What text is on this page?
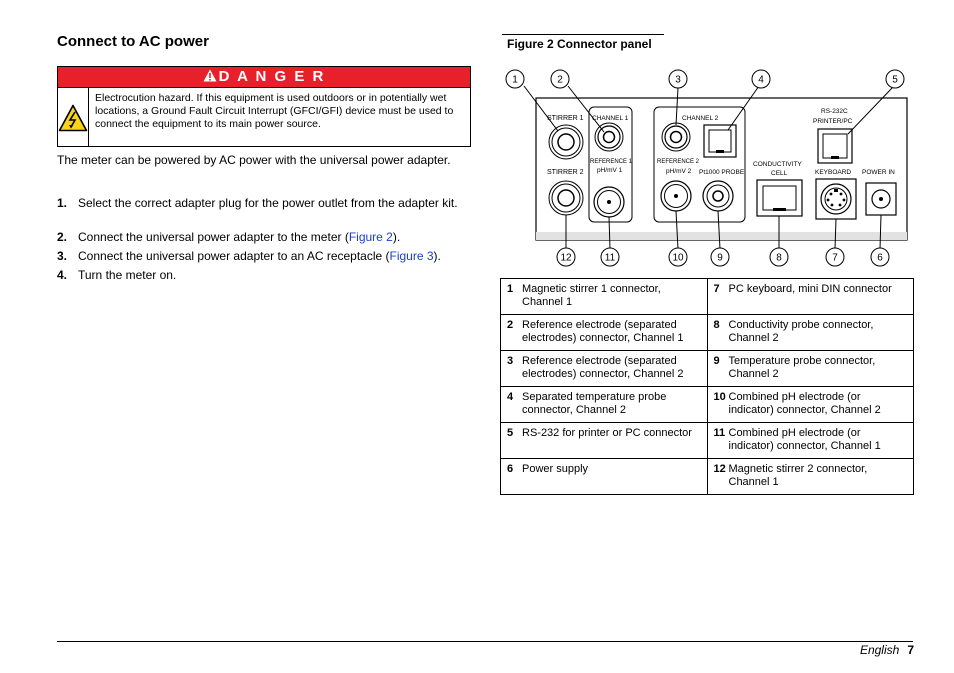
Connect to AC power
D A N G E R
Electrocution hazard. If this equipment is used outdoors or in potentially wet locations, a Ground Fault Circuit Interrupt (GFCI/GFI) device must be used to connect the equipment to its main power source.
The meter can be powered by AC power with the universal power adapter.
1. Select the correct adapter plug for the power outlet from the adapter kit.
2. Connect the universal power adapter to the meter (Figure 2).
3. Connect the universal power adapter to an AC receptacle (Figure 3).
4. Turn the meter on.
Figure 2 Connector panel
STIRRER 1
STIRRER 2
CHANNEL 1	CHANNEL 2
REFERENCE 1
pH/mV 1
REFERENCE 2
pH/mV 2 Pt1000 PROBE
CONDUCTIVITY
CELL
RS-232C
PRINTER/PC
KEYBOARD POWER IN
1	2	3	4	5
12	11	10	9	8	7	6
1 Magnetic stirrer 1 connector, Channel 1	7 PC keyboard, mini DIN connector
2 Reference electrode (separated electrodes) connector, Channel 1	8 Conductivity probe connector, Channel 2
3 Reference electrode (separated electrodes) connector, Channel 2	9 Temperature probe connector, Channel 2
4 Separated temperature probe connector, Channel 2	10 Combined pH electrode (or indicator) connector, Channel 2
5 RS-232 for printer or PC connector	11 Combined pH electrode (or indicator) connector, Channel 1
6 Power supply	12 Magnetic stirrer 2 connector, Channel 1
English 7
